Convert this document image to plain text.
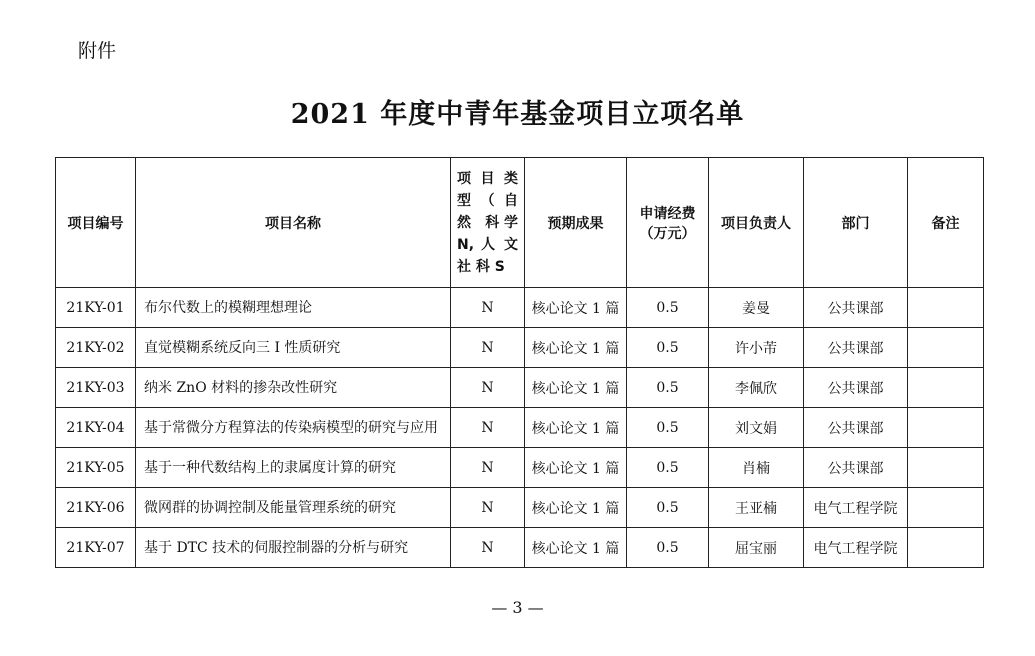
附件
2021 年度中青年基金项目立项名单
项目编号	项目名称	项 目 类 型 （ 自 然 科学 N, 人 文 社 科 S	预期成果	申请经费 （万元）	项目负责人	部门	备注
21KY-01	布尔代数上的模糊理想理论	N	核心论文 1 篇	0.5	姜曼	公共课部	
21KY-02	直觉模糊系统反向三 I 性质研究	N	核心论文 1 篇	0.5	许小芾	公共课部	
21KY-03	纳米 ZnO 材料的掺杂改性研究	N	核心论文 1 篇	0.5	李佩欣	公共课部	
21KY-04	基于常微分方程算法的传染病模型的研究与应用	N	核心论文 1 篇	0.5	刘文娟	公共课部	
21KY-05	基于一种代数结构上的隶属度计算的研究	N	核心论文 1 篇	0.5	肖楠	公共课部	
21KY-06	微网群的协调控制及能量管理系统的研究	N	核心论文 1 篇	0.5	王亚楠	电气工程学院	
21KY-07	基于 DTC 技术的伺服控制器的分析与研究	N	核心论文 1 篇	0.5	屈宝丽	电气工程学院	
— 3 —
